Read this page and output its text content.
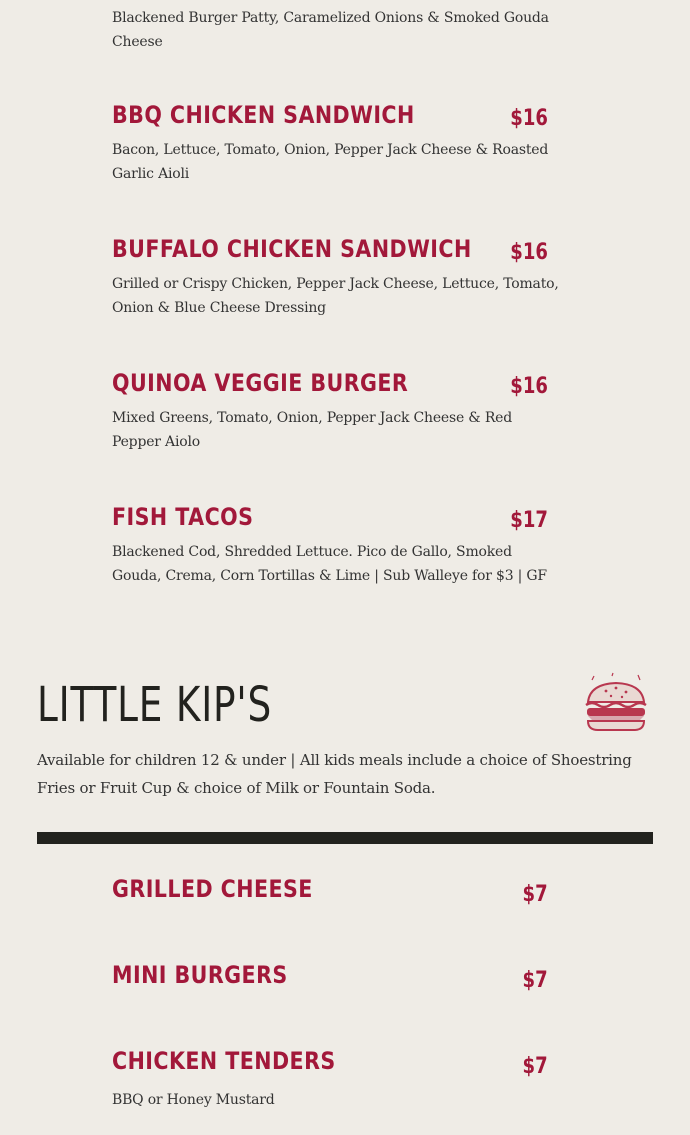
Blackened Burger Patty, Caramelized Onions & Smoked Gouda Cheese
BBQ CHICKEN SANDWICH	$16
Bacon, Lettuce, Tomato, Onion, Pepper Jack Cheese & Roasted Garlic Aioli
BUFFALO CHICKEN SANDWICH $16
Grilled or Crispy Chicken, Pepper Jack Cheese, Lettuce, Tomato, Onion & Blue Cheese Dressing
QUINOA VEGGIE BURGER	$16
Mixed Greens, Tomato, Onion, Pepper Jack Cheese & Red Pepper Aiolo
FISH TACOS	$17
Blackened Cod, Shredded Lettuce. Pico de Gallo, Smoked Gouda, Crema, Corn Tortillas & Lime | Sub Walleye for $3 | GF
LITTLE KIP'S
Available for children 12 & under | All kids meals include a choice of Shoestring Fries or Fruit Cup & choice of Milk or Fountain Soda.
GRILLED CHEESE	$7
MINI BURGERS	$7
CHICKEN TENDERS	$7
BBQ or Honey Mustard
